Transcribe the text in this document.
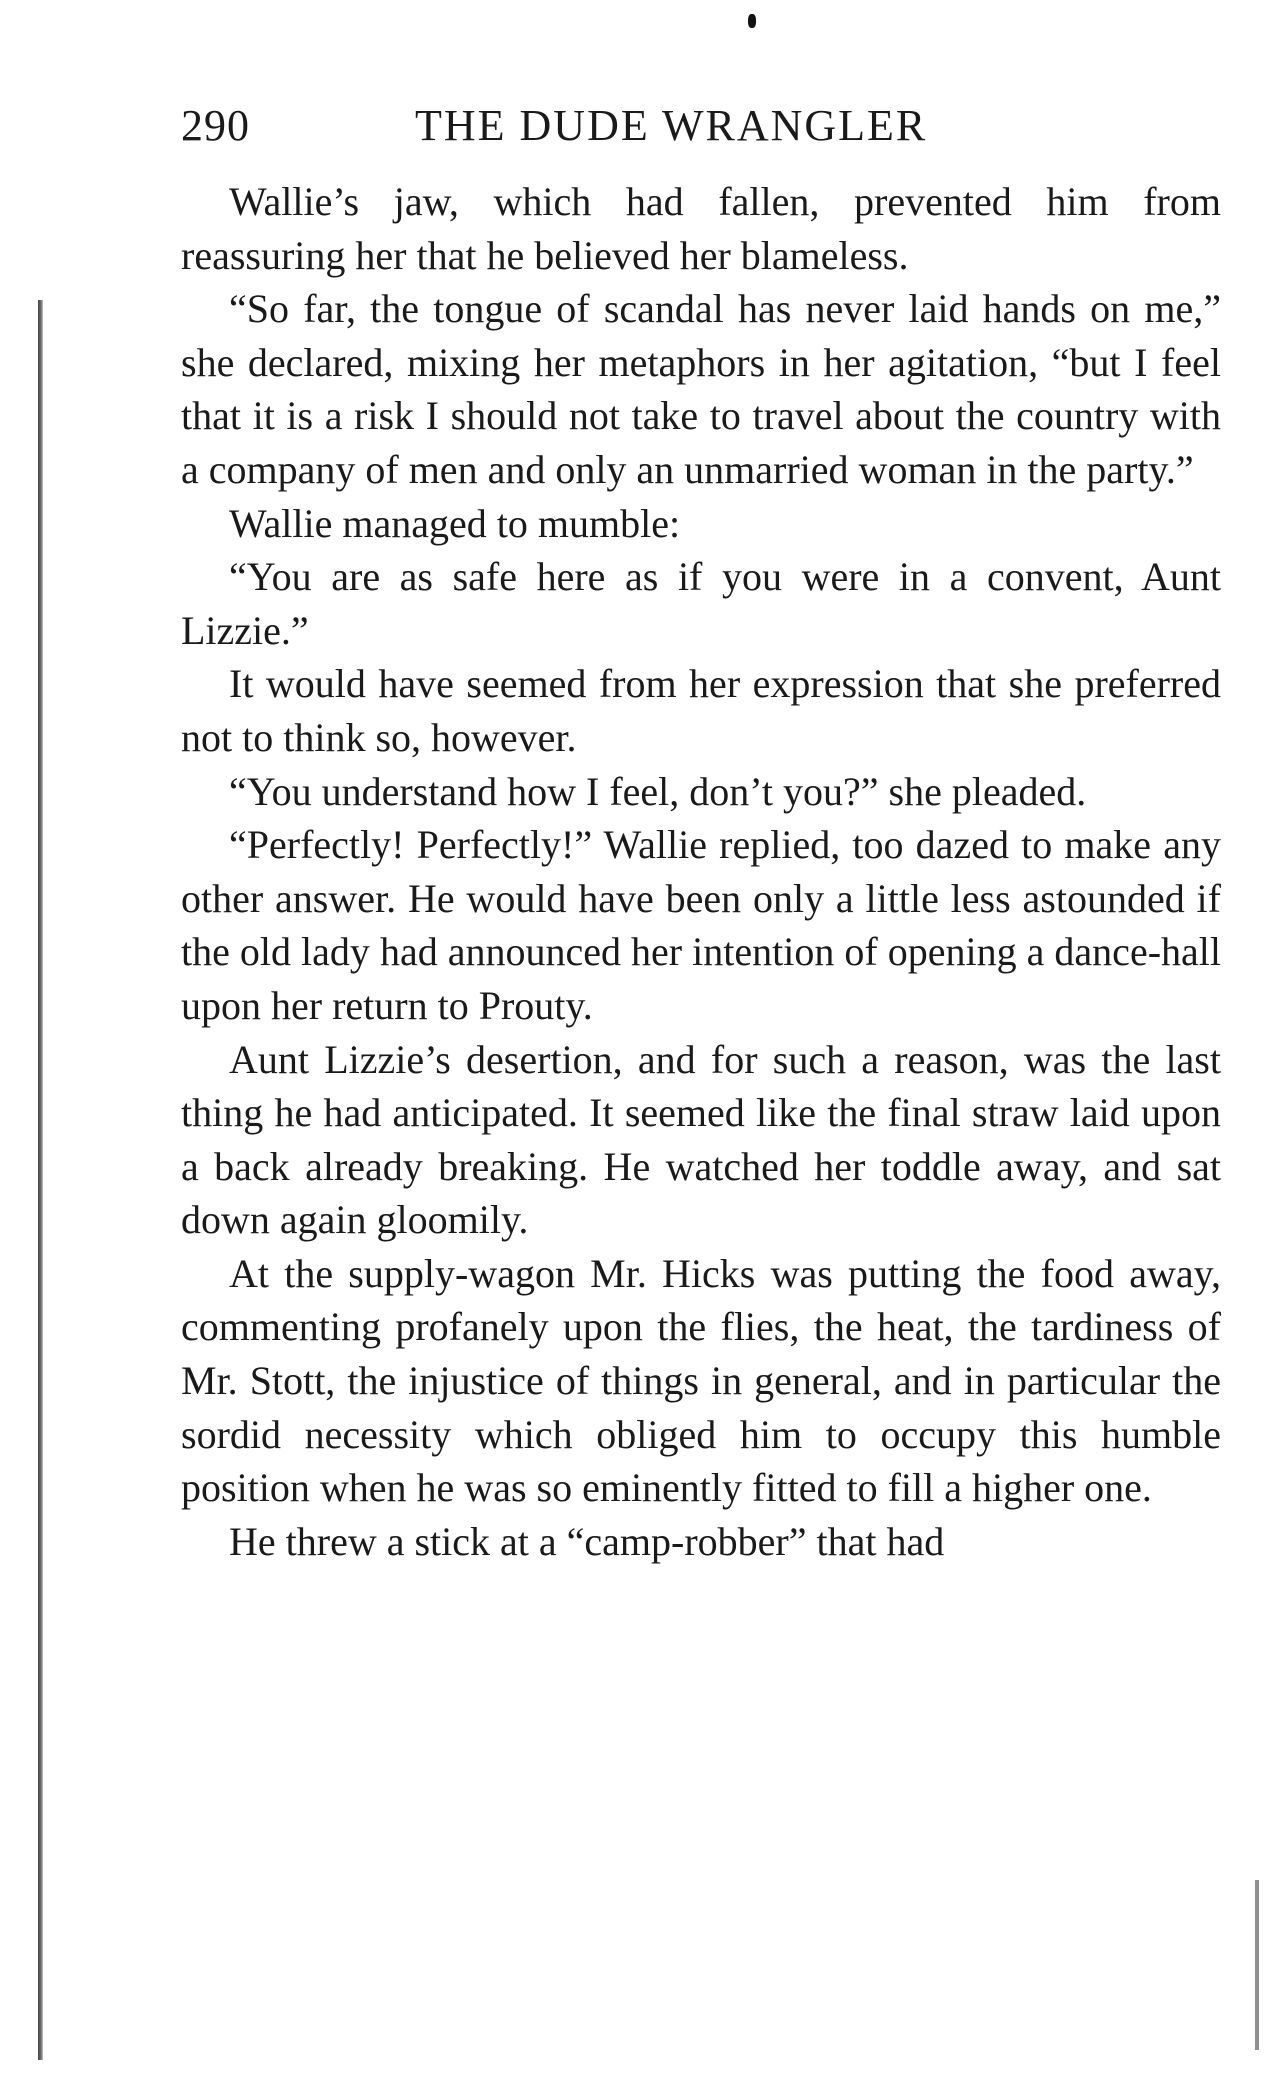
290	THE DUDE WRANGLER

Wallie’s jaw, which had fallen, prevented him from reassuring her that he believed her blameless.

“So far, the tongue of scandal has never laid hands on me,” she declared, mixing her metaphors in her agitation, “but I feel that it is a risk I should not take to travel about the country with a company of men and only an unmarried woman in the party.”

Wallie managed to mumble:

“You are as safe here as if you were in a convent, Aunt Lizzie.”

It would have seemed from her expression that she preferred not to think so, however.

“You understand how I feel, don’t you?” she pleaded.

“Perfectly! Perfectly!” Wallie replied, too dazed to make any other answer. He would have been only a little less astounded if the old lady had announced her intention of opening a dance-hall upon her return to Prouty.

Aunt Lizzie’s desertion, and for such a reason, was the last thing he had anticipated. It seemed like the final straw laid upon a back already breaking. He watched her toddle away, and sat down again gloomily.

At the supply-wagon Mr. Hicks was putting the food away, commenting profanely upon the flies, the heat, the tardiness of Mr. Stott, the injustice of things in general, and in particular the sordid necessity which obliged him to occupy this humble position when he was so eminently fitted to fill a higher one.

He threw a stick at a “camp-robber” that had
